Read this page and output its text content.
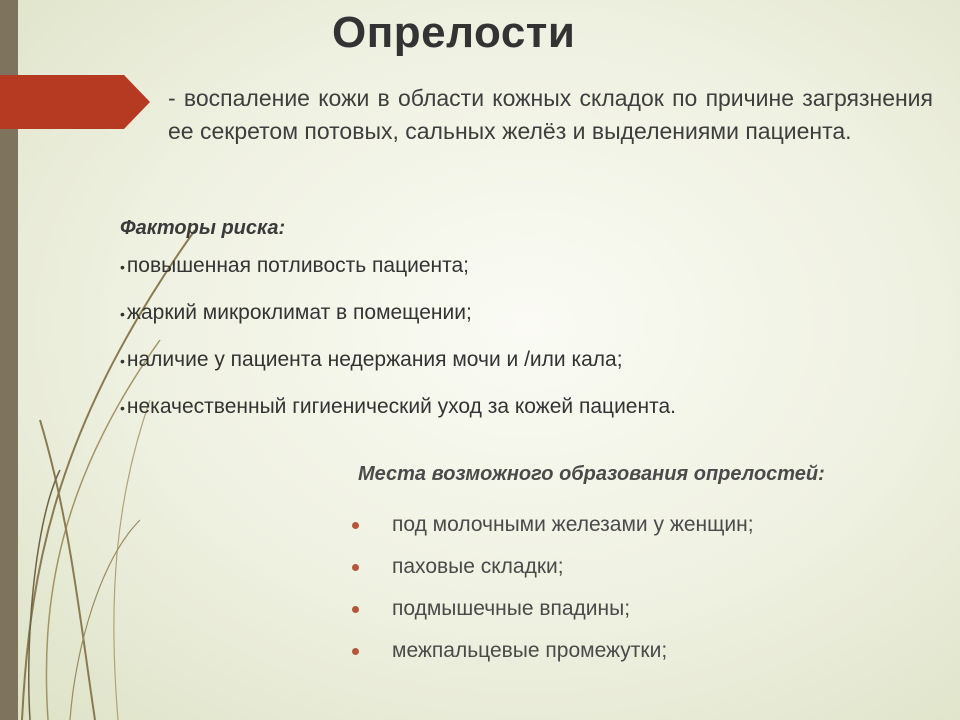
Опрелости

- воспаление кожи в области кожных складок по причине загрязнения ее секретом потовых, сальных желёз и выделениями пациента.

Факторы риска:
• повышенная потливость пациента;
• жаркий микроклимат в помещении;
• наличие у пациента недержания мочи и /или кала;
• некачественный гигиенический уход за кожей пациента.
Места возможного образования опрелостей:
под молочными железами у женщин;
паховые складки;
подмышечные впадины;
межпальцевые промежутки;
